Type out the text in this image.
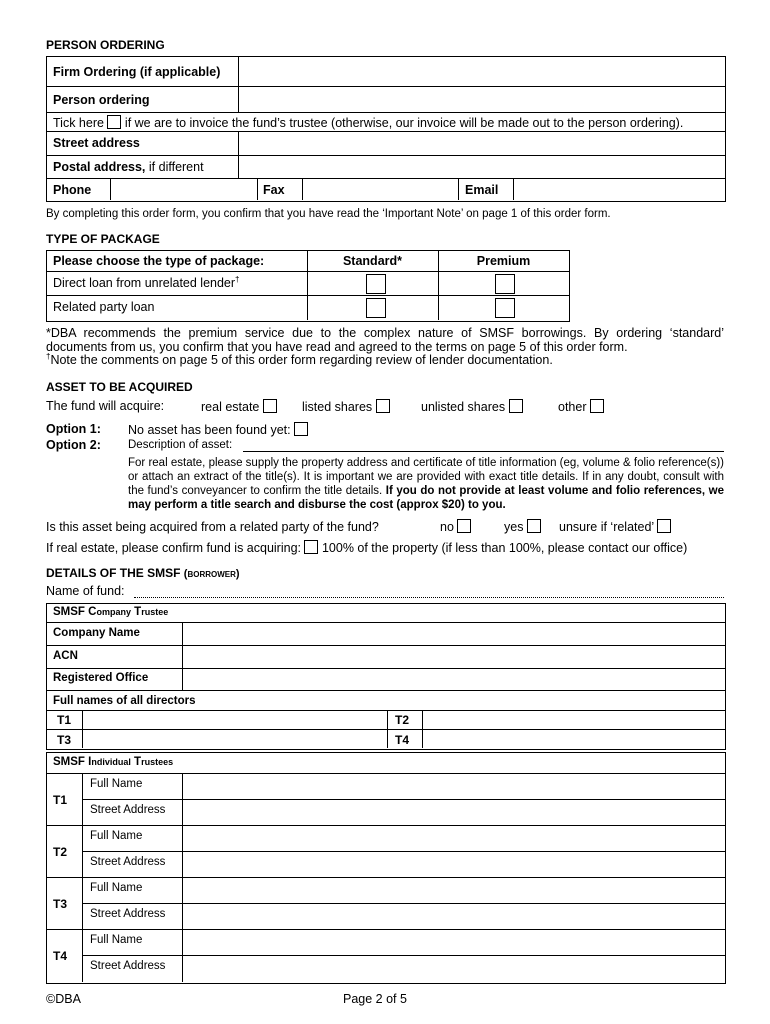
PERSON ORDERING
Firm Ordering (if applicable)
Person ordering
Tick here if we are to invoice the fund’s trustee (otherwise, our invoice will be made out to the person ordering).
Street address
Postal address, if different
Phone	Fax	Email
By completing this order form, you confirm that you have read the ‘Important Note’ on page 1 of this order form.
TYPE OF PACKAGE
Please choose the type of package:	Standard*	Premium
Direct loan from unrelated lender†
Related party loan
*DBA recommends the premium service due to the complex nature of SMSF borrowings. By ordering ‘standard’ documents from us, you confirm that you have read and agreed to the terms on page 5 of this order form.
†Note the comments on page 5 of this order form regarding review of lender documentation.
ASSET TO BE ACQUIRED
The fund will acquire:	real estate	listed shares	unlisted shares	other
Option 1: No asset has been found yet:
Option 2: Description of asset:
For real estate, please supply the property address and certificate of title information (eg, volume & folio reference(s)) or attach an extract of the title(s). It is important we are provided with exact title details. If in any doubt, consult with the fund’s conveyancer to confirm the title details. If you do not provide at least volume and folio references, we may perform a title search and disburse the cost (approx $20) to you.
Is this asset being acquired from a related party of the fund?	no	yes	unsure if ‘related’
If real estate, please confirm fund is acquiring: 100% of the property (if less than 100%, please contact our office)
DETAILS OF THE SMSF (borrower)
Name of fund:
SMSF Company Trustee
Company Name
ACN
Registered Office
Full names of all directors
T1	T2
T3	T4
SMSF Individual Trustees
T1
Full Name
Street Address
T2
Full Name
Street Address
T3
Full Name
Street Address
T4
Full Name
Street Address
©DBA	Page 2 of 5
